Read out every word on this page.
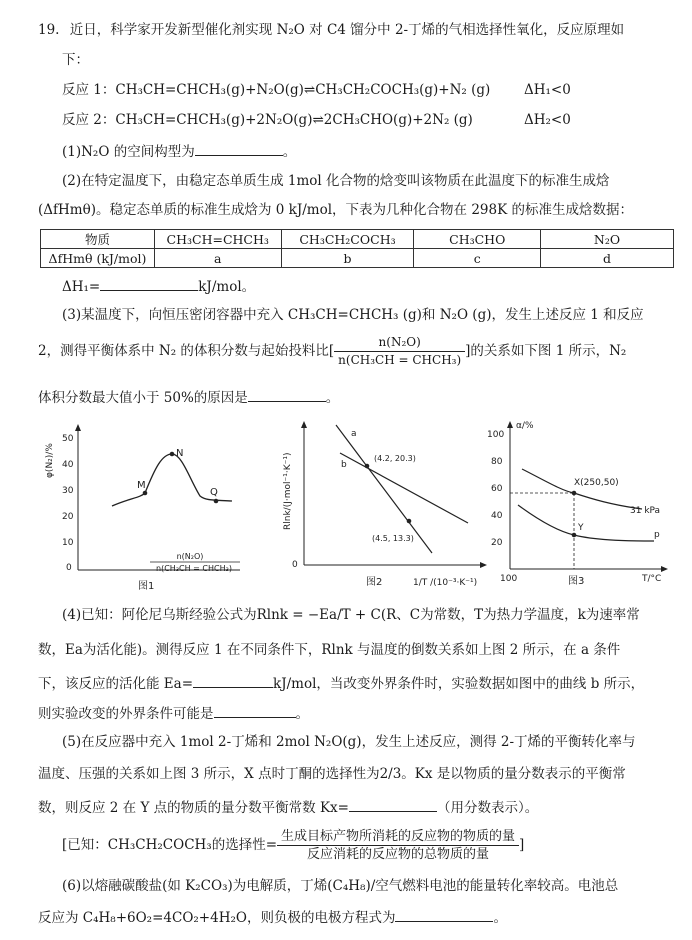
19. 近日，科学家开发新型催化剂实现 N₂O 对 C4 馏分中 2-丁烯的气相选择性氧化，反应原理如
下：
反应 1：CH₃CH=CHCH₃(g)+N₂O(g)⇌CH₃CH₂COCH₃(g)+N₂ (g) ΔH₁<0
反应 2：CH₃CH=CHCH₃(g)+2N₂O(g)⇌2CH₃CHO(g)+2N₂ (g)	ΔH₂<0
(1)N₂O 的空间构型为	。
(2)在特定温度下，由稳定态单质生成 1mol 化合物的焓变叫该物质在此温度下的标准生成焓
(ΔfHmθ)。稳定态单质的标准生成焓为 0 kJ/mol，下表为几种化合物在 298K 的标准生成焓数据：
物质	CH₃CH=CHCH₃	CH₃CH₂COCH₃	CH₃CHO	N₂O
ΔfHmθ (kJ/mol)	a	b	c	d
ΔH₁=	kJ/mol。
(3)某温度下，向恒压密闭容器中充入 CH₃CH=CHCH₃ (g)和 N₂O (g)，发生上述反应 1 和反应
2，测得平衡体系中 N₂ 的体积分数与起始投料比[ $\frac{\text{n(N₂O)}}{\text{n(CH₃CH = CHCH₃)}}$ ]的关系如下图 1 所示，N₂
体积分数最大值小于 50%的原因是	。
0
50
40
30
20
10
φ(N₂)/%
M
N
Q
n(N₂O)
n(CH₃CH = CHCH₃)
图1
0
Rlnk/(J·mol⁻¹·K⁻¹)
a
b
(4.2, 20.3)
(4.5, 13.3)
1/T /(10⁻³·K⁻¹)
图2
α/%
100
80
60
40
20
X(250,50)
Y
31 kPa
p
100	T/°C
图3
(4)已知：阿伦尼乌斯经验公式为Rlnk = −Ea/T + C(R、C为常数，T为热力学温度，k为速率常
数，Ea为活化能)。测得反应 1 在不同条件下，Rlnk 与温度的倒数关系如上图 2 所示，在 a 条件
下，该反应的活化能 Ea=	kJ/mol，当改变外界条件时，实验数据如图中的曲线 b 所示，
则实验改变的外界条件可能是	。
(5)在反应器中充入 1mol 2-丁烯和 2mol N₂O(g)，发生上述反应，测得 2-丁烯的平衡转化率与
温度、压强的关系如上图 3 所示，X 点时丁酮的选择性为2/3。Kx 是以物质的量分数表示的平衡常
数，则反应 2 在 Y 点的物质的量分数平衡常数 Kx=	（用分数表示）。
[已知：CH₃CH₂COCH₃的选择性= $\frac{\text{生成目标产物所消耗的反应物的物质的量}}{\text{反应消耗的反应物的总物质的量}}$ ]
(6)以熔融碳酸盐(如 K₂CO₃)为电解质，丁烯(C₄H₈)/空气燃料电池的能量转化率较高。电池总
反应为 C₄H₈+6O₂=4CO₂+4H₂O，则负极的电极方程式为	。
